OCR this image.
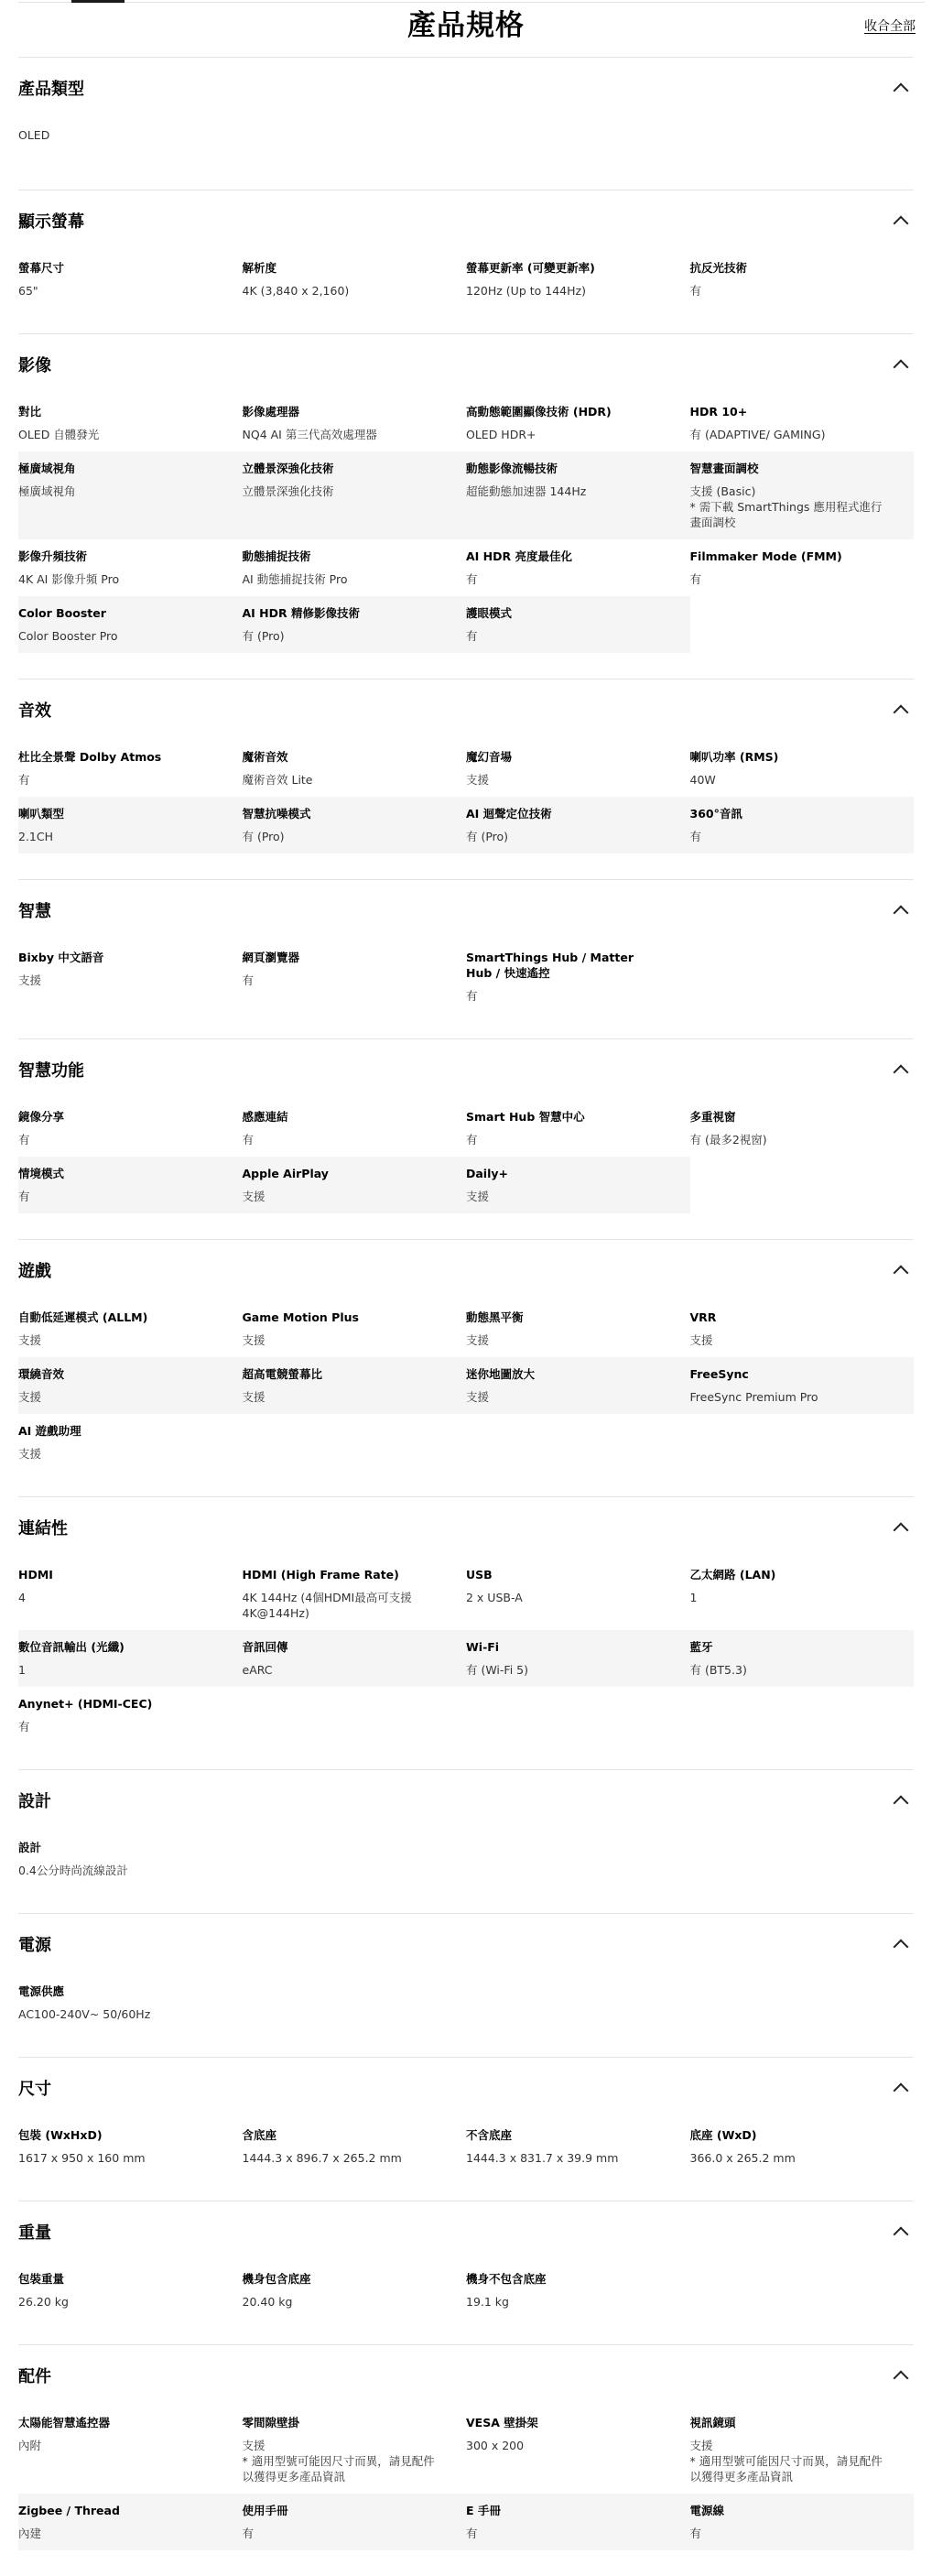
產品規格	收合全部
產品類型
OLED
顯示螢幕
螢幕尺寸
65"
解析度
4K (3,840 x 2,160)
螢幕更新率 (可變更新率)
120Hz (Up to 144Hz)
抗反光技術
有
影像
對比
OLED 自體發光
影像處理器
NQ4 AI 第三代高效處理器
高動態範圍顯像技術 (HDR)
OLED HDR+
HDR 10+
有 (ADAPTIVE/ GAMING)
極廣域視角
極廣域視角
立體景深強化技術
立體景深強化技術
動態影像流暢技術
超能動態加速器 144Hz
智慧畫面調校
支援 (Basic)
* 需下載 SmartThings 應用程式進行畫面調校
影像升頻技術
4K AI 影像升頻 Pro
動態捕捉技術
AI 動態捕捉技術 Pro
AI HDR 亮度最佳化
有
Filmmaker Mode (FMM)
有
Color Booster
Color Booster Pro
AI HDR 精修影像技術
有 (Pro)
護眼模式
有
音效
杜比全景聲 Dolby Atmos
有
魔術音效
魔術音效 Lite
魔幻音場
支援
喇叭功率 (RMS)
40W
喇叭類型
2.1CH
智慧抗噪模式
有 (Pro)
AI 迴聲定位技術
有 (Pro)
360°音訊
有
智慧
Bixby 中文語音
支援
網頁瀏覽器
有
SmartThings Hub / Matter Hub / 快速遙控
有
智慧功能
鏡像分享
有
感應連結
有
Smart Hub 智慧中心
有
多重視窗
有 (最多2視窗)
情境模式
有
Apple AirPlay
支援
Daily+
支援
遊戲
自動低延遲模式 (ALLM)
支援
Game Motion Plus
支援
動態黑平衡
支援
VRR
支援
環繞音效
支援
超高電競螢幕比
支援
迷你地圖放大
支援
FreeSync
FreeSync Premium Pro
AI 遊戲助理
支援
連結性
HDMI
4
HDMI (High Frame Rate)
4K 144Hz (4個HDMI最高可支援4K@144Hz)
USB
2 x USB-A
乙太網路 (LAN)
1
數位音訊輸出 (光纖)
1
音訊回傳
eARC
Wi-Fi
有 (Wi-Fi 5)
藍牙
有 (BT5.3)
Anynet+ (HDMI-CEC)
有
設計
設計
0.4公分時尚流線設計
電源
電源供應
AC100-240V~ 50/60Hz
尺寸
包裝 (WxHxD)
1617 x 950 x 160 mm
含底座
1444.3 x 896.7 x 265.2 mm
不含底座
1444.3 x 831.7 x 39.9 mm
底座 (WxD)
366.0 x 265.2 mm
重量
包裝重量
26.20 kg
機身包含底座
20.40 kg
機身不包含底座
19.1 kg
配件
太陽能智慧遙控器
內附
零間隙壁掛
支援
* 適用型號可能因尺寸而異，請見配件以獲得更多產品資訊
VESA 壁掛架
300 x 200
視訊鏡頭
支援
* 適用型號可能因尺寸而異，請見配件以獲得更多產品資訊
Zigbee / Thread
內建
使用手冊
有
E 手冊
有
電源線
有
